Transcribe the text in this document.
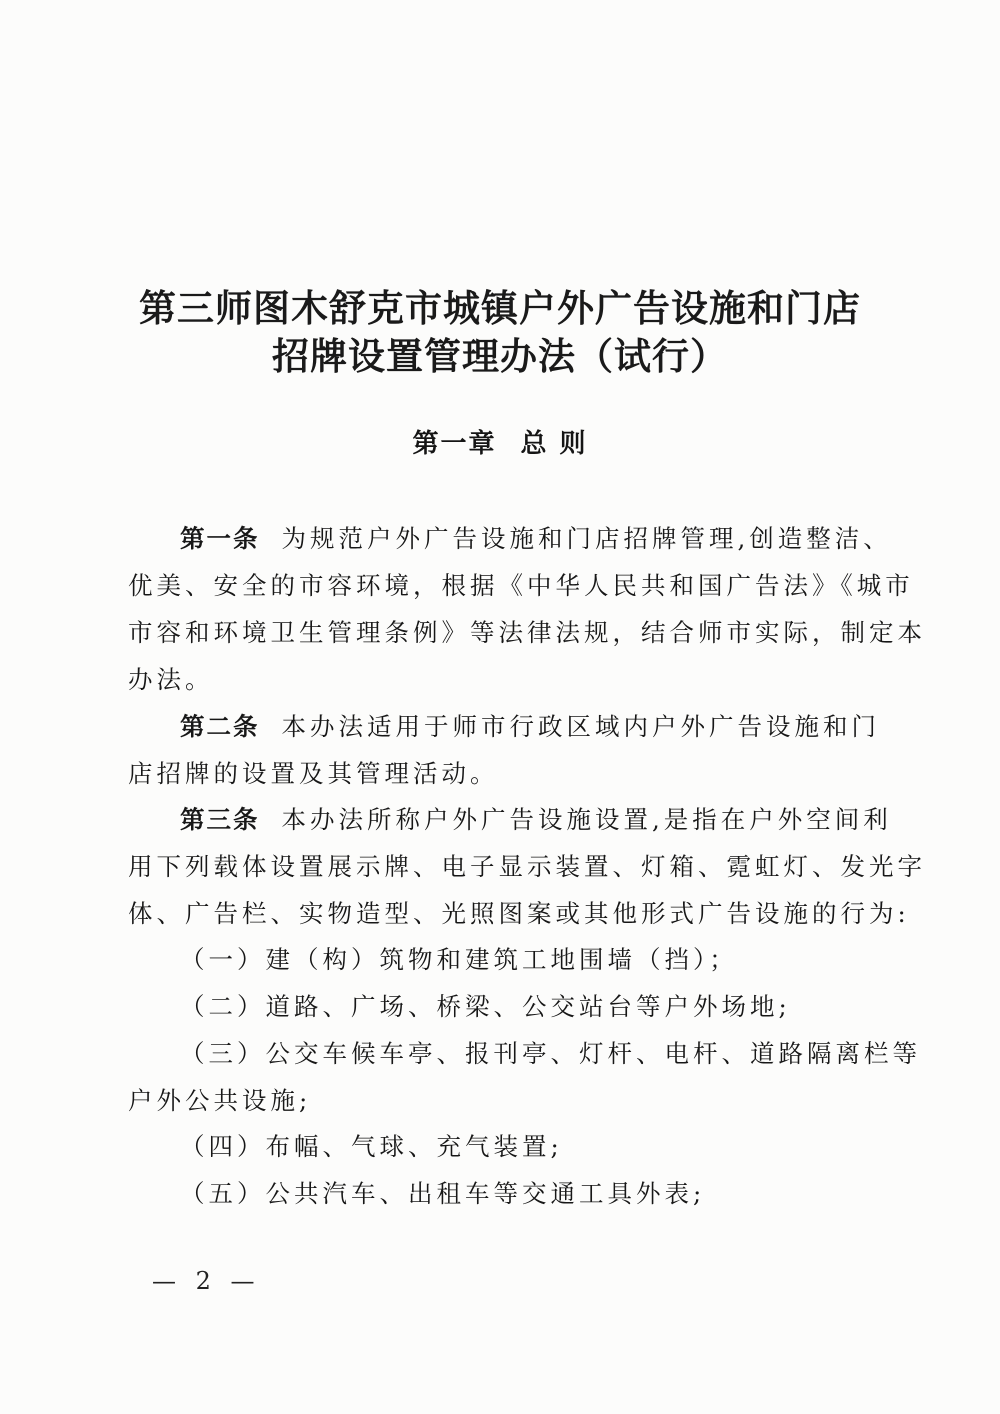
第三师图木舒克市城镇户外广告设施和门店
招牌设置管理办法（试行）
第一章 总 则
第一条 为规范户外广告设施和门店招牌管理,创造整洁、
优美、安全的市容环境，根据《中华人民共和国广告法》《城市
市容和环境卫生管理条例》等法律法规，结合师市实际，制定本
办法。
第二条 本办法适用于师市行政区域内户外广告设施和门
店招牌的设置及其管理活动。
第三条 本办法所称户外广告设施设置,是指在户外空间利
用下列载体设置展示牌、电子显示装置、灯箱、霓虹灯、发光字
体、广告栏、实物造型、光照图案或其他形式广告设施的行为:
（一）建（构）筑物和建筑工地围墙（挡）；
（二）道路、广场、桥梁、公交站台等户外场地;
（三）公交车候车亭、报刊亭、灯杆、电杆、道路隔离栏等
户外公共设施;
（四）布幅、气球、充气装置;
（五）公共汽车、出租车等交通工具外表;
— 2 —
